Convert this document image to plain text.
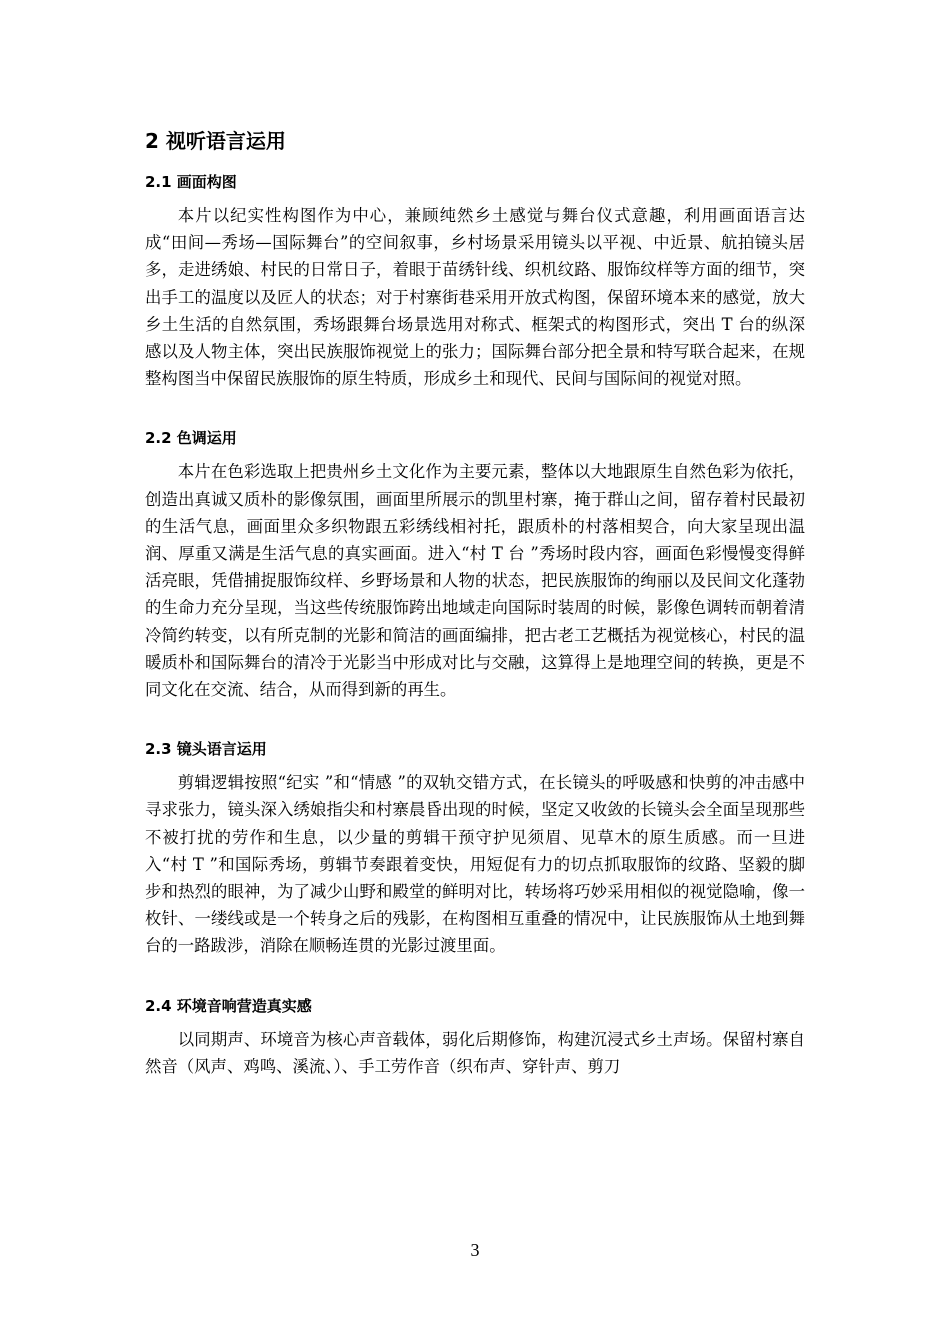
2 视听语言运用
2.1 画面构图

本片以纪实性构图作为中心，兼顾纯然乡土感觉与舞台仪式意趣，利用画面语言达成“田间—秀场—国际舞台”的空间叙事，乡村场景采用镜头以平视、中近景、航拍镜头居多，走进绣娘、村民的日常日子，着眼于苗绣针线、织机纹路、服饰纹样等方面的细节，突出手工的温度以及匠人的状态；对于村寨街巷采用开放式构图，保留环境本来的感觉，放大乡土生活的自然氛围，秀场跟舞台场景选用对称式、框架式的构图形式，突出 T 台的纵深感以及人物主体，突出民族服饰视觉上的张力；国际舞台部分把全景和特写联合起来，在规整构图当中保留民族服饰的原生特质，形成乡土和现代、民间与国际间的视觉对照。

2.2 色调运用

本片在色彩选取上把贵州乡土文化作为主要元素，整体以大地跟原生自然色彩为依托，创造出真诚又质朴的影像氛围，画面里所展示的凯里村寨，掩于群山之间，留存着村民最初的生活气息，画面里众多织物跟五彩绣线相衬托，跟质朴的村落相契合，向大家呈现出温润、厚重又满是生活气息的真实画面。进入“村 T 台 ”秀场时段内容，画面色彩慢慢变得鲜活亮眼，凭借捕捉服饰纹样、乡野场景和人物的状态，把民族服饰的绚丽以及民间文化蓬勃的生命力充分呈现，当这些传统服饰跨出地域走向国际时装周的时候，影像色调转而朝着清冷简约转变，以有所克制的光影和简洁的画面编排，把古老工艺概括为视觉核心，村民的温暖质朴和国际舞台的清冷于光影当中形成对比与交融，这算得上是地理空间的转换，更是不同文化在交流、结合，从而得到新的再生。

2.3 镜头语言运用

剪辑逻辑按照“纪实 ”和“情感 ”的双轨交错方式，在长镜头的呼吸感和快剪的冲击感中寻求张力，镜头深入绣娘指尖和村寨晨昏出现的时候，坚定又收敛的长镜头会全面呈现那些不被打扰的劳作和生息，以少量的剪辑干预守护见须眉、见草木的原生质感。而一旦进入“村 T ”和国际秀场，剪辑节奏跟着变快，用短促有力的切点抓取服饰的纹路、坚毅的脚步和热烈的眼神，为了减少山野和殿堂的鲜明对比，转场将巧妙采用相似的视觉隐喻，像一枚针、一缕线或是一个转身之后的残影，在构图相互重叠的情况中，让民族服饰从土地到舞台的一路跋涉，消除在顺畅连贯的光影过渡里面。

2.4 环境音响营造真实感

以同期声、环境音为核心声音载体，弱化后期修饰，构建沉浸式乡土声场。保留村寨自然音（风声、鸡鸣、溪流、）、手工劳作音（织布声、穿针声、剪刀

3
